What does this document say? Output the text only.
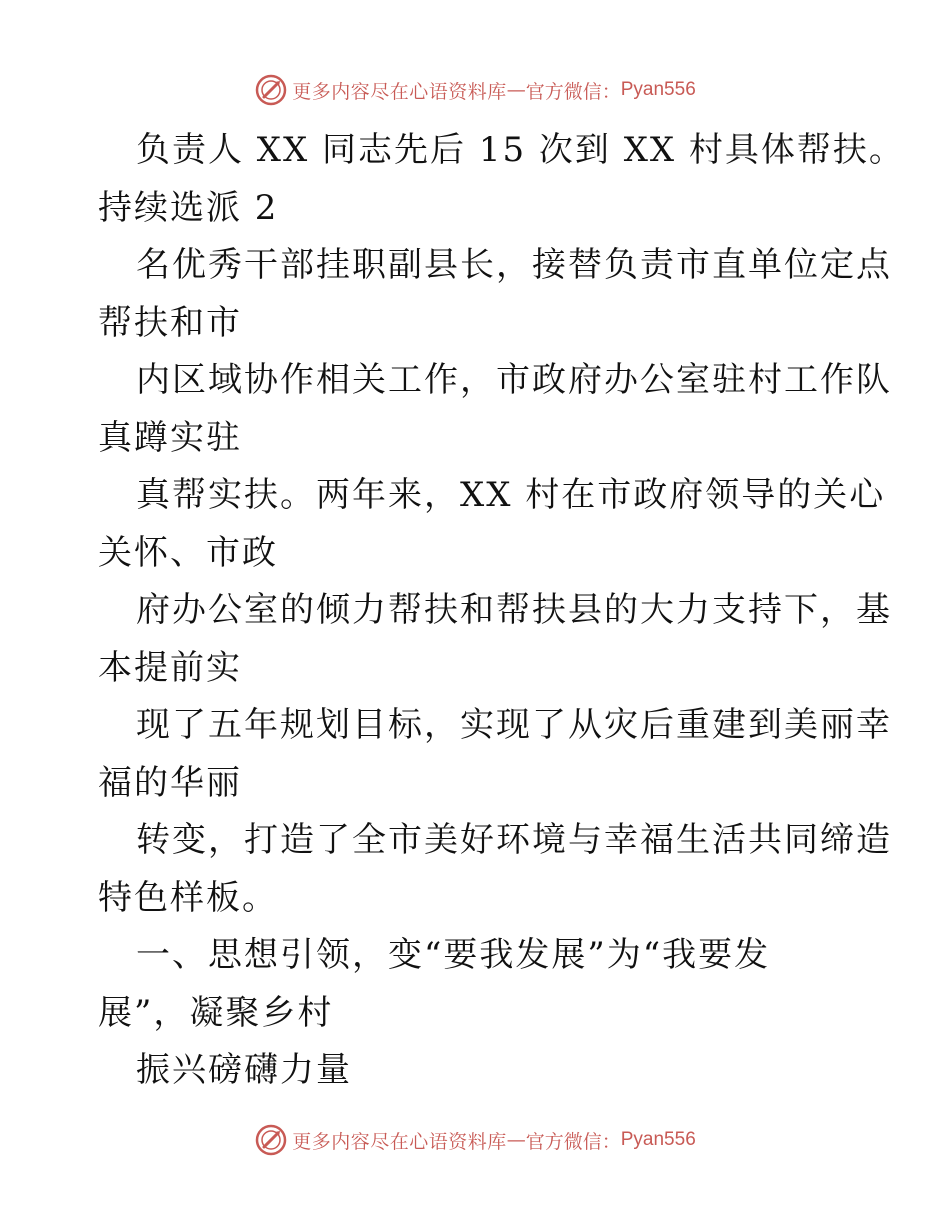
更多内容尽在心语资料库 — 官方微信： Pyan556
负责人 XX 同志先后 15 次到 XX 村具体帮扶。
持续选派 2
名优秀干部挂职副县长，接替负责市直单位定点
帮扶和市
内区域协作相关工作，市政府办公室驻村工作队
真蹲实驻
真帮实扶。两年来，XX 村在市政府领导的关心
关怀、市政
府办公室的倾力帮扶和帮扶县的大力支持下，基
本提前实
现了五年规划目标，实现了从灾后重建到美丽幸
福的华丽
转变，打造了全市美好环境与幸福生活共同缔造
特色样板。
一、思想引领，变“要我发展”为“我要发
展”，凝聚乡村
振兴磅礴力量
更多内容尽在心语资料库 — 官方微信： Pyan556
